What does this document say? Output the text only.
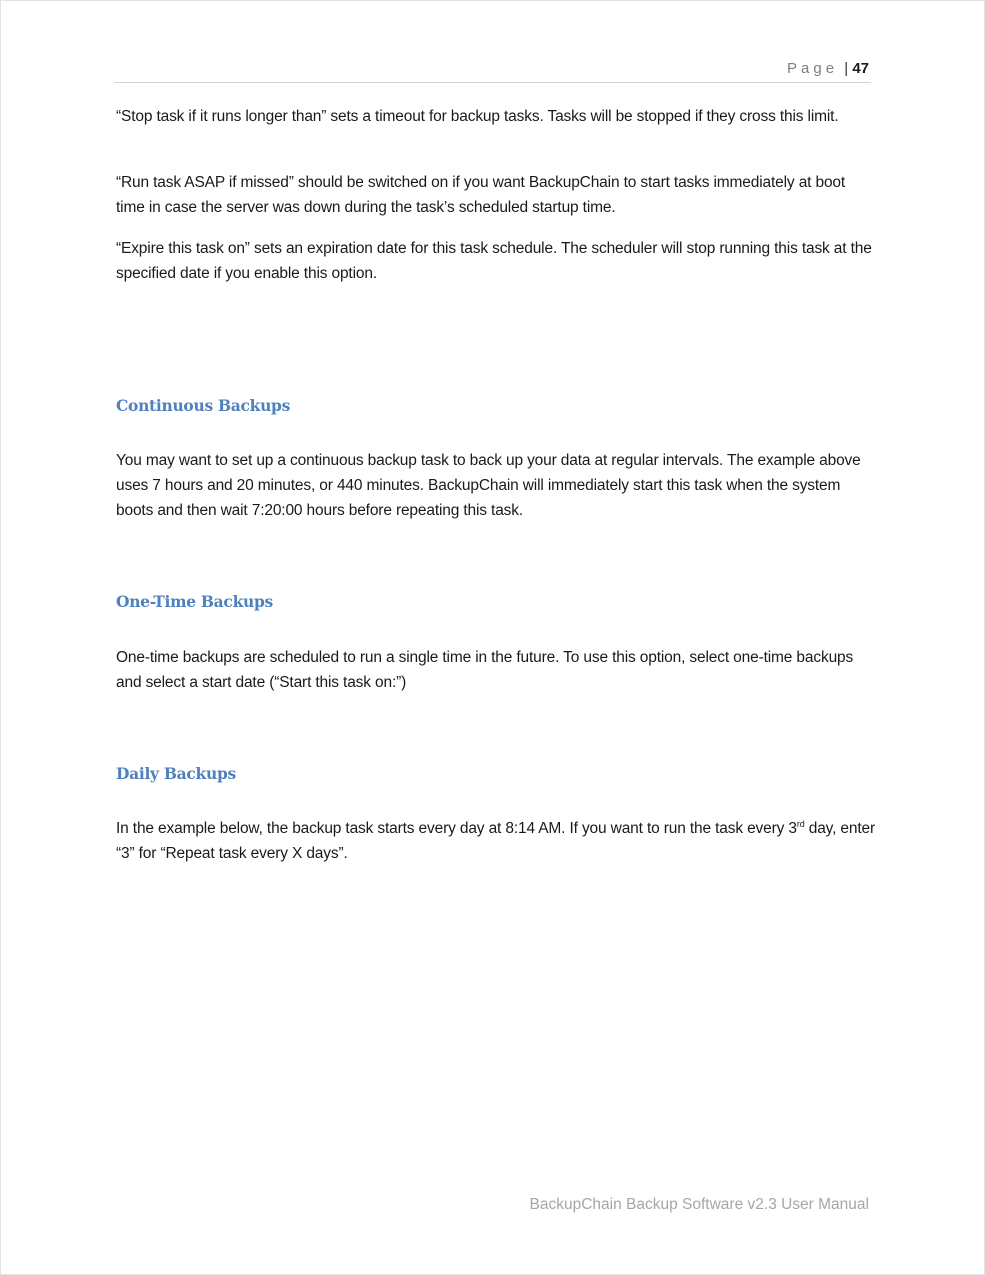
Page | 47

“Stop task if it runs longer than” sets a timeout for backup tasks. Tasks will be stopped if they cross this limit.

“Run task ASAP if missed” should be switched on if you want BackupChain to start tasks immediately at boot time in case the server was down during the task’s scheduled startup time.

“Expire this task on” sets an expiration date for this task schedule. The scheduler will stop running this task at the specified date if you enable this option.

Continuous Backups

You may want to set up a continuous backup task to back up your data at regular intervals. The example above uses 7 hours and 20 minutes, or 440 minutes. BackupChain will immediately start this task when the system boots and then wait 7:20:00 hours before repeating this task.

One-Time Backups

One-time backups are scheduled to run a single time in the future. To use this option, select one-time backups and select a start date (“Start this task on:”)

Daily Backups

In the example below, the backup task starts every day at 8:14 AM. If you want to run the task every 3rd day, enter “3” for “Repeat task every X days”.

BackupChain Backup Software v2.3 User Manual
